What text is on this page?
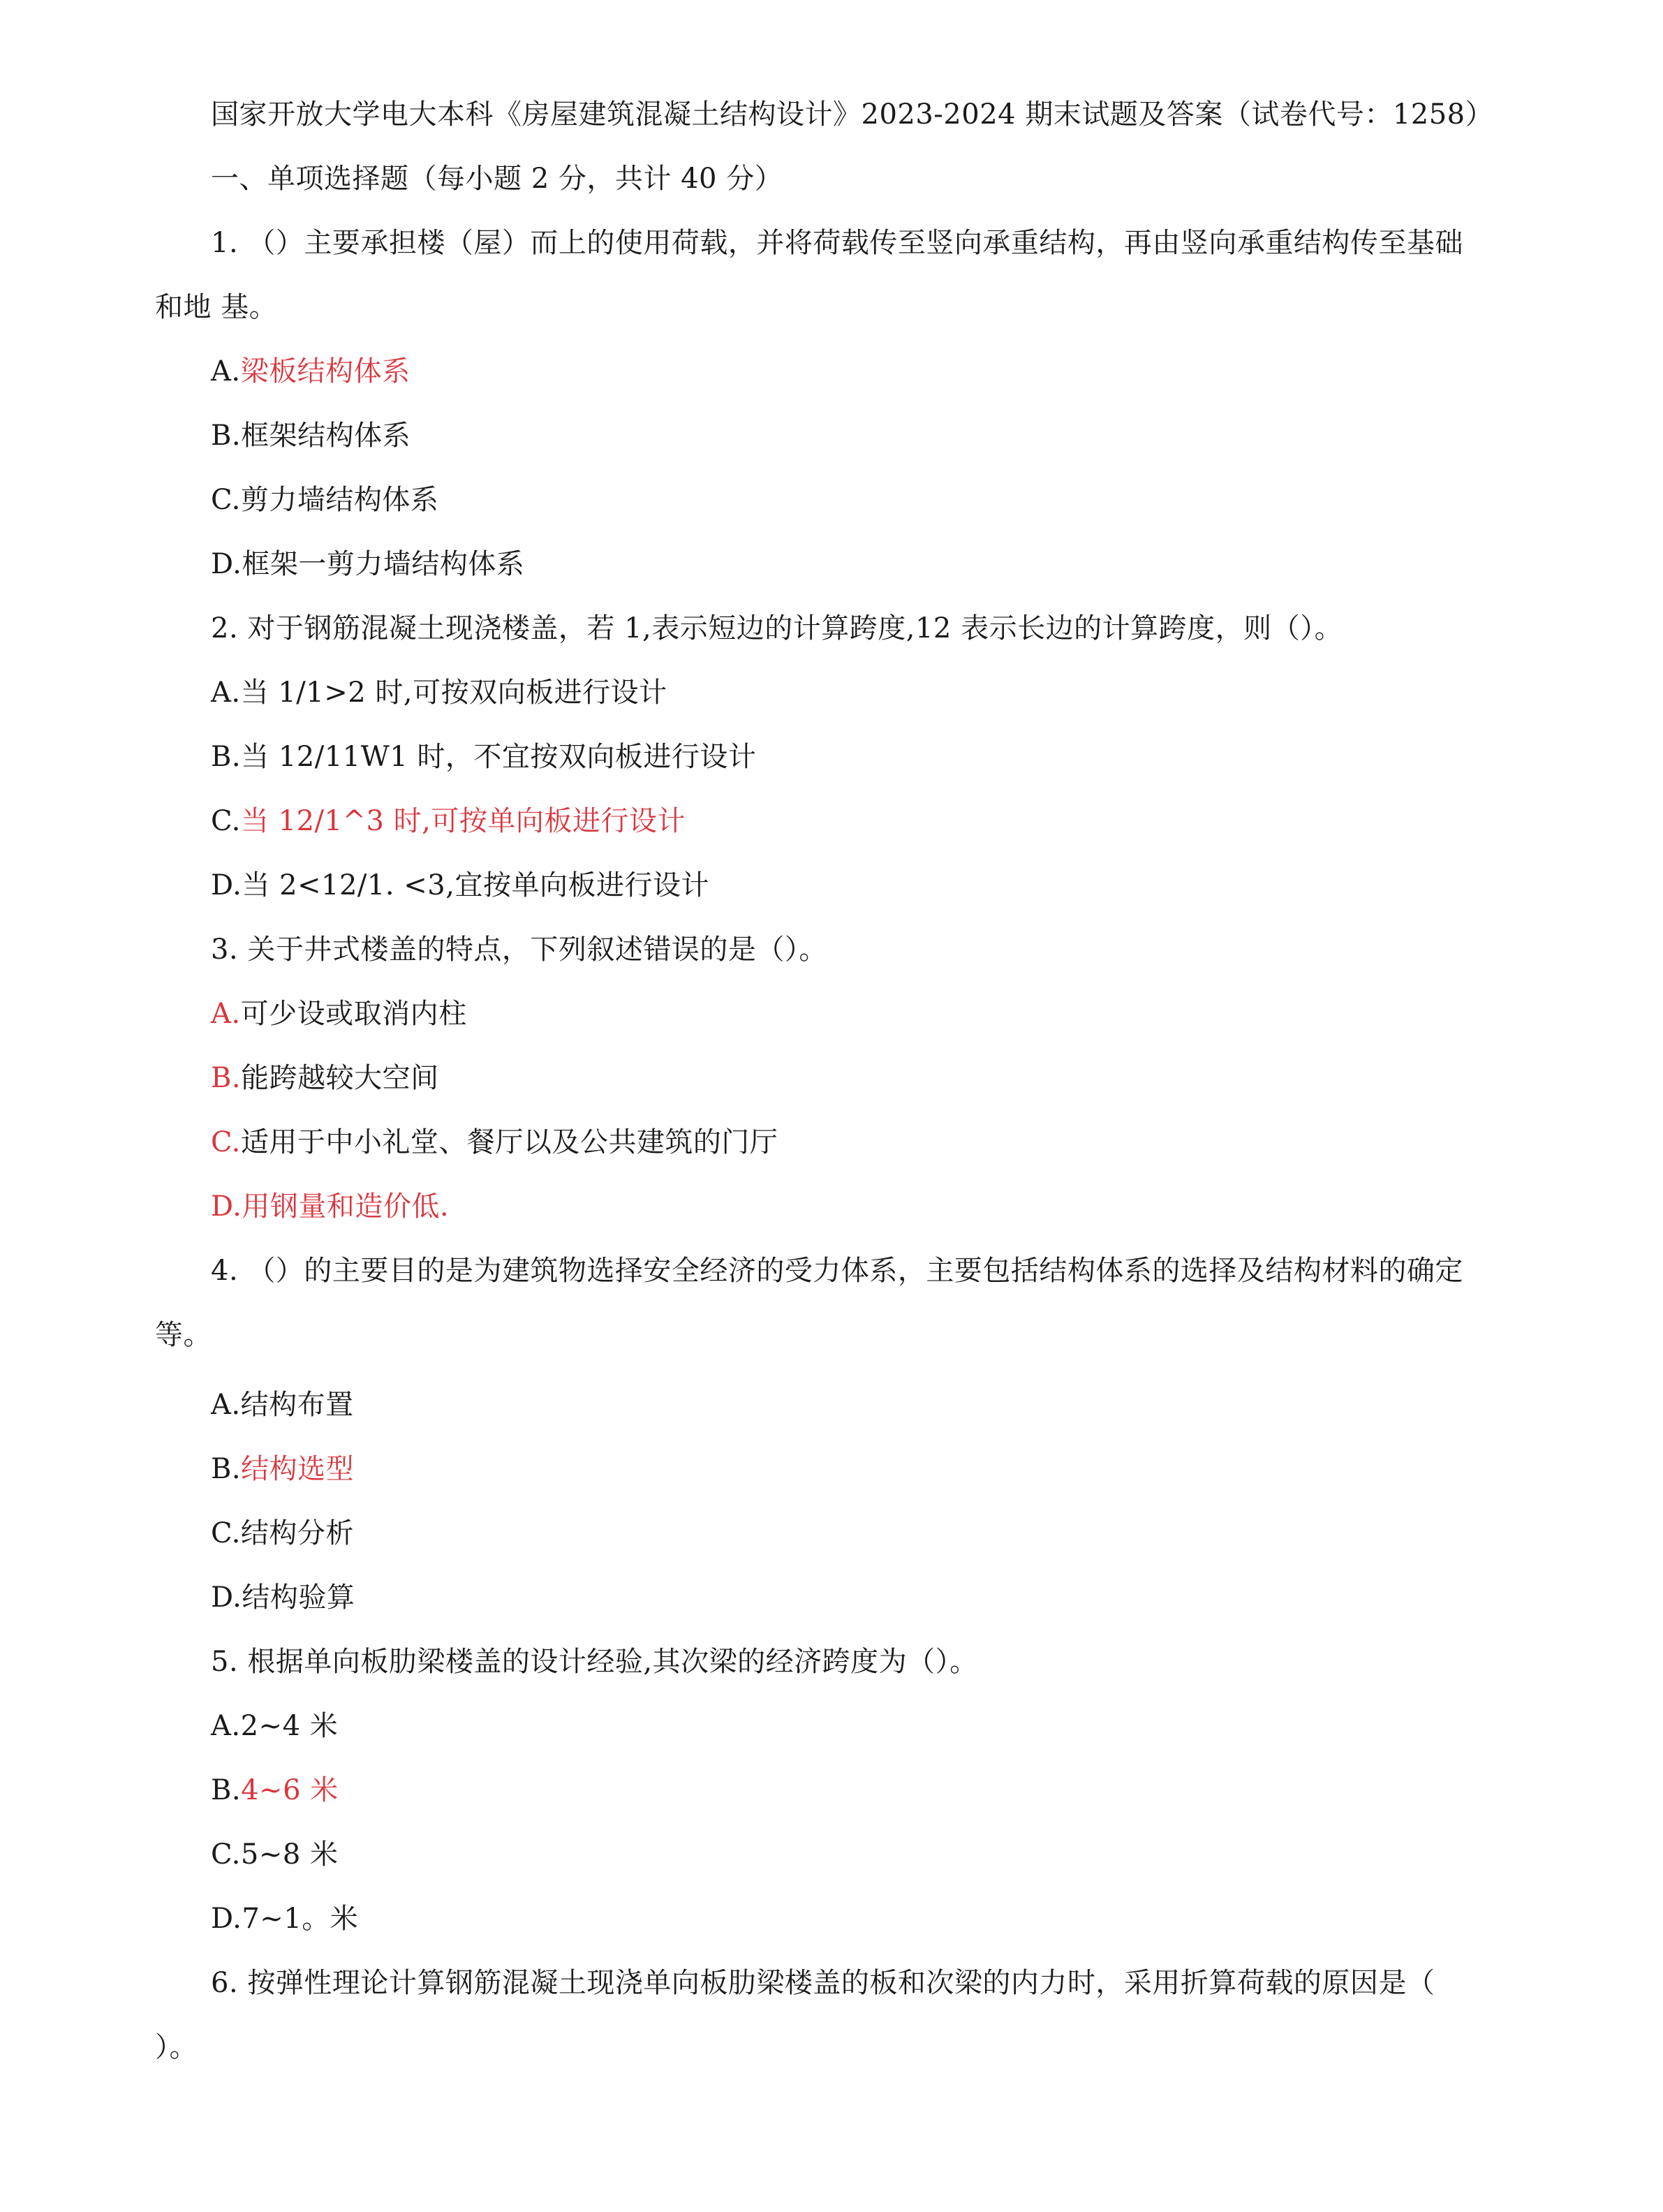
国家开放大学电大本科《房屋建筑混凝土结构设计》2023-2024 期末试题及答案（试卷代号：1258）
一、单项选择题（每小题 2 分，共计 40 分）
1. （）主要承担楼（屋）而上的使用荷载，并将荷载传至竖向承重结构，再由竖向承重结构传至基础
和地 基。
A.梁板结构体系
B.框架结构体系
C.剪力墙结构体系
D.框架一剪力墙结构体系
2. 对于钢筋混凝土现浇楼盖，若 1,表示短边的计算跨度,12 表示长边的计算跨度，则（）。
A.当 1/1>2 时,可按双向板进行设计
B.当 12/11W1 时，不宜按双向板进行设计
C.当 12/1^3 时,可按单向板进行设计
D.当 2<12/1. <3,宜按单向板进行设计
3. 关于井式楼盖的特点，下列叙述错误的是（）。
A.可少设或取消内柱
B.能跨越较大空间
C.适用于中小礼堂、餐厅以及公共建筑的门厅
D.用钢量和造价低.
4. （）的主要目的是为建筑物选择安全经济的受力体系，主要包括结构体系的选择及结构材料的确定
等。
A.结构布置
B.结构选型
C.结构分析
D.结构验算
5. 根据单向板肋梁楼盖的设计经验,其次梁的经济跨度为（）。
A.2~4 米
B.4~6 米
C.5~8 米
D.7~1。米
6. 按弹性理论计算钢筋混凝土现浇单向板肋梁楼盖的板和次梁的内力时，采用折算荷载的原因是（
）。
